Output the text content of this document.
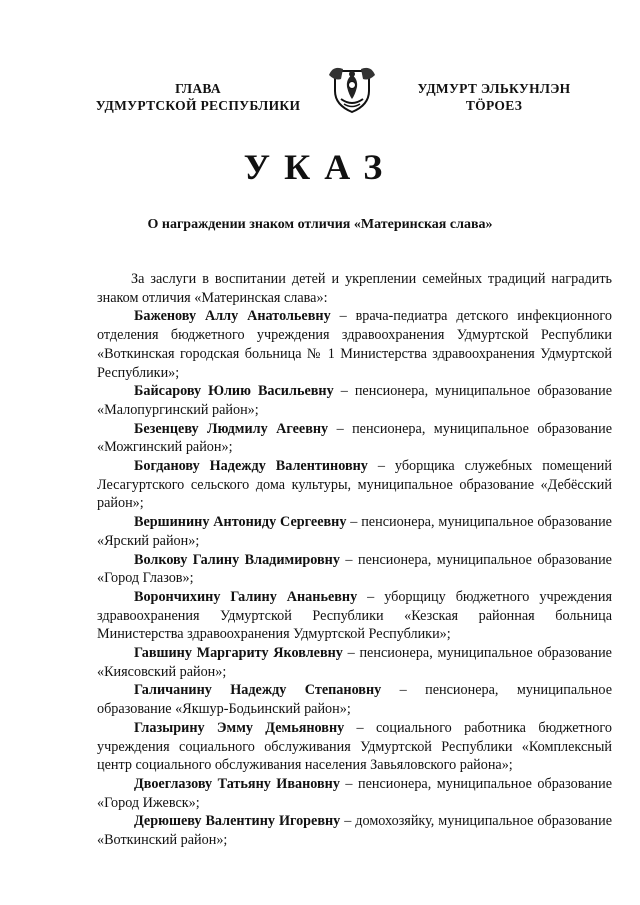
ГЛАВА
УДМУРТСКОЙ РЕСПУБЛИКИ
УДМУРТ ЭЛЬКУНЛЭН
ТӦРОЕЗ
УКАЗ
О награждении знаком отличия «Материнская слава»

За заслуги в воспитании детей и укреплении семейных традиций наградить знаком отличия «Материнская слава»:

Баженову Аллу Анатольевну – врача-педиатра детского инфекционного отделения бюджетного учреждения здравоохранения Удмуртской Республики «Воткинская городская больница № 1 Министерства здравоохранения Удмуртской Республики»;

Байсарову Юлию Васильевну – пенсионера, муниципальное образование «Малопургинский район»;

Безенцеву Людмилу Агеевну – пенсионера, муниципальное образование «Можгинский район»;

Богданову Надежду Валентиновну – уборщика служебных помещений Лесагуртского сельского дома культуры, муниципальное образование «Дебёсский район»;

Вершинину Антониду Сергеевну – пенсионера, муниципальное образование «Ярский район»;

Волкову Галину Владимировну – пенсионера, муниципальное образование «Город Глазов»;

Ворончихину Галину Ананьевну – уборщицу бюджетного учреждения здравоохранения Удмуртской Республики «Кезская районная больница Министерства здравоохранения Удмуртской Республики»;

Гавшину Маргариту Яковлевну – пенсионера, муниципальное образование «Киясовский район»;

Галичанину Надежду Степановну – пенсионера, муниципальное образование «Якшур-Бодьинский район»;

Глазырину Эмму Демьяновну – социального работника бюджетного учреждения социального обслуживания Удмуртской Республики «Комплексный центр социального обслуживания населения Завьяловского района»;

Двоеглазову Татьяну Ивановну – пенсионера, муниципальное образование «Город Ижевск»;

Дерюшеву Валентину Игоревну – домохозяйку, муниципальное образование «Воткинский район»;
